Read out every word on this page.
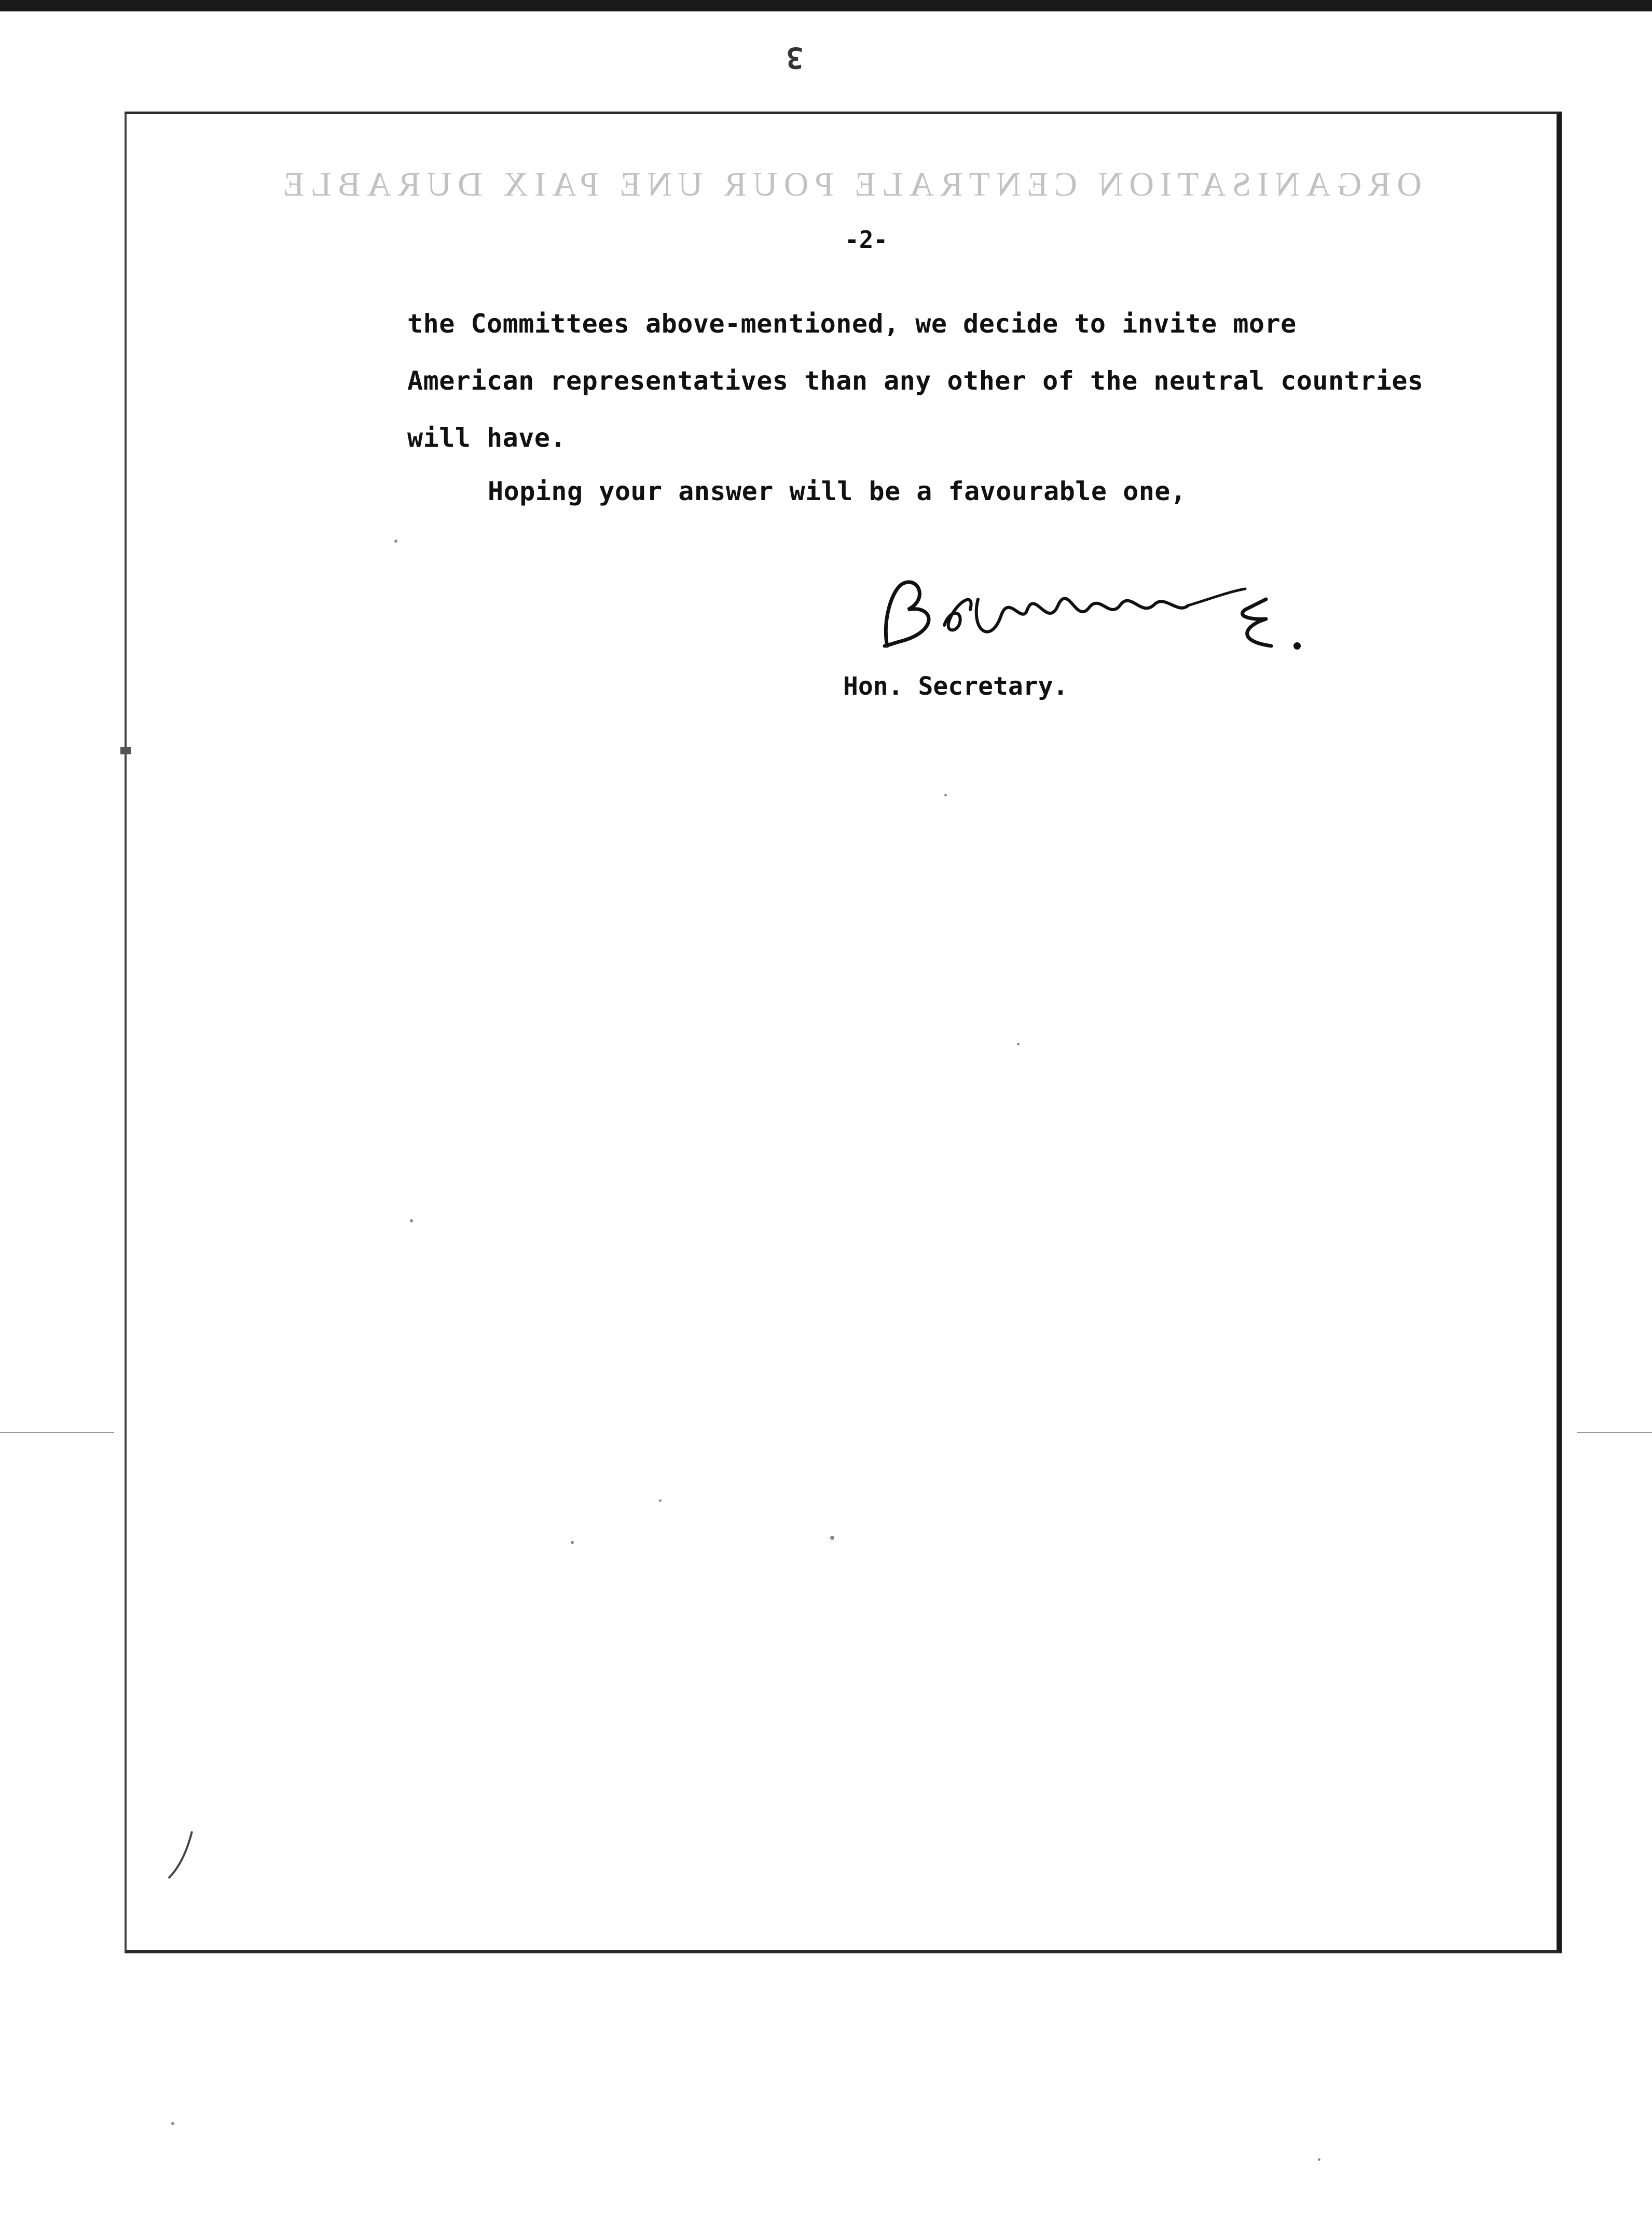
3
ORGANISATION CENTRALE POUR UNE PAIX DURABLE
-2-
the Committees above-mentioned, we decide to invite more
American representatives than any other of the neutral countries
will have.
Hoping your answer will be a favourable one,
Hon. Secretary.
